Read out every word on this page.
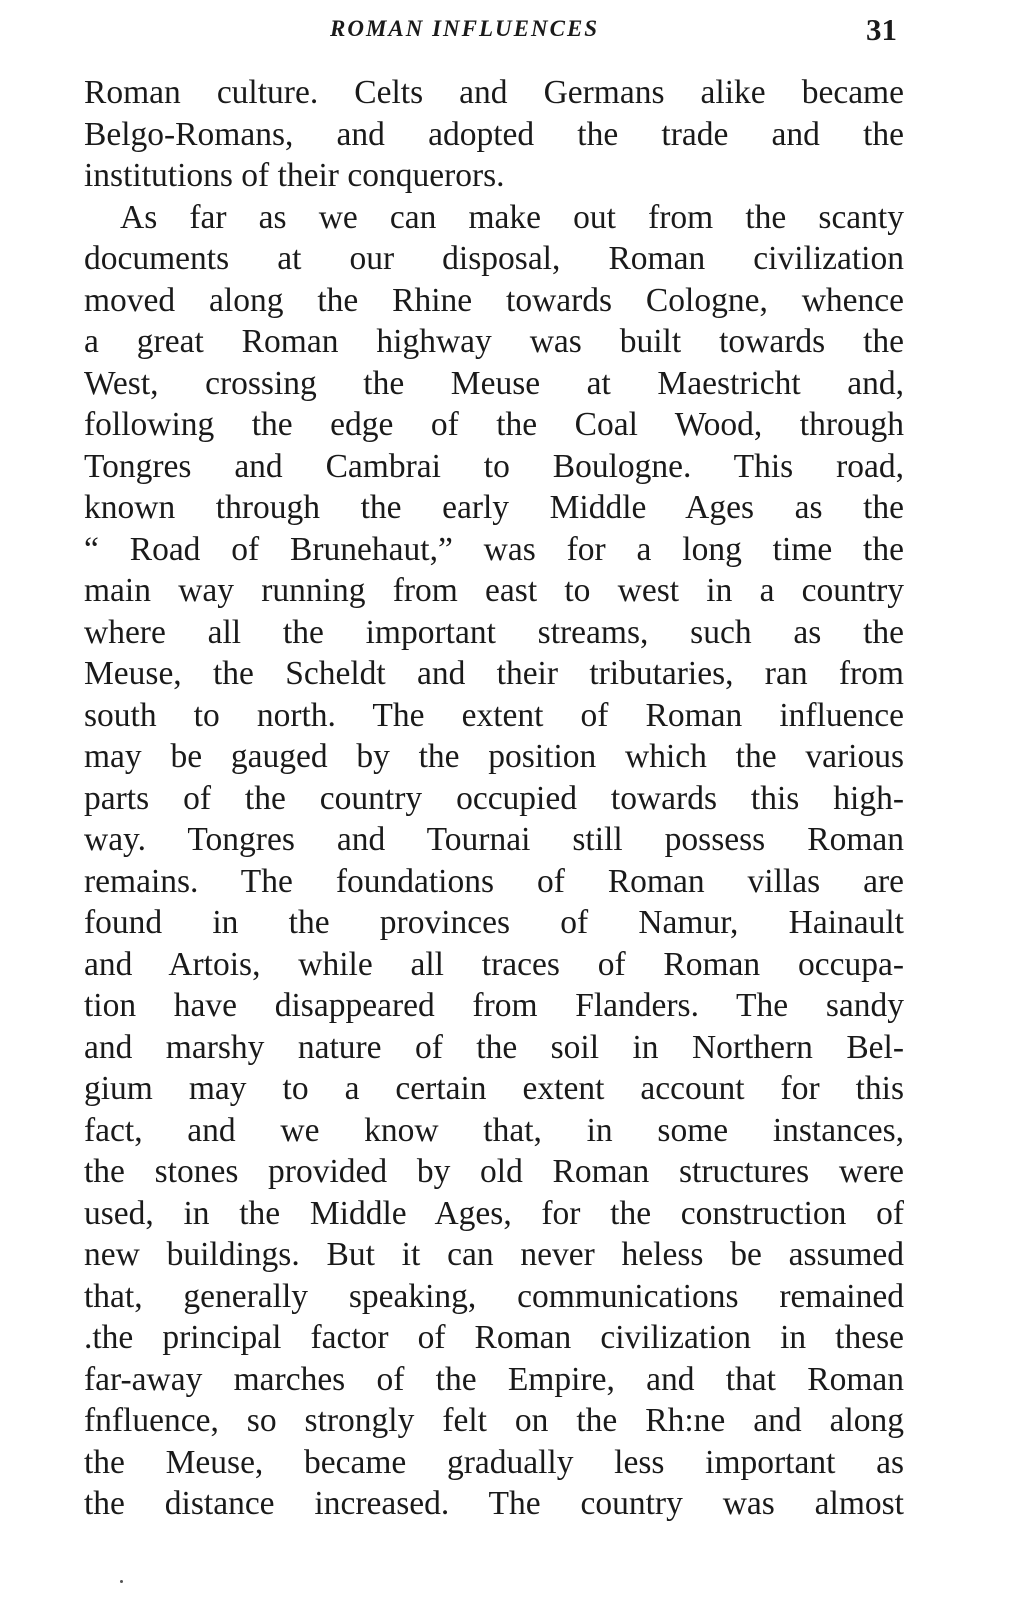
ROMAN INFLUENCES	31
Roman culture. Celts and Germans alike became
Belgo-Romans, and adopted the trade and the
institutions of their conquerors.
As far as we can make out from the scanty
documents at our disposal, Roman civilization
moved along the Rhine towards Cologne, whence
a great Roman highway was built towards the
West, crossing the Meuse at Maestricht and,
following the edge of the Coal Wood, through
Tongres and Cambrai to Boulogne. This road,
known through the early Middle Ages as the
“ Road of Brunehaut,” was for a long time the
main way running from east to west in a country
where all the important streams, such as the
Meuse, the Scheldt and their tributaries, ran from
south to north. The extent of Roman influence
may be gauged by the position which the various
parts of the country occupied towards this high-
way. Tongres and Tournai still possess Roman
remains. The foundations of Roman villas are
found in the provinces of Namur, Hainault
and Artois, while all traces of Roman occupa-
tion have disappeared from Flanders. The sandy
and marshy nature of the soil in Northern Bel-
gium may to a certain extent account for this
fact, and we know that, in some instances,
the stones provided by old Roman structures were
used, in the Middle Ages, for the construction of
new buildings. But it can never heless be assumed
that, generally speaking, communications remained
.the principal factor of Roman civilization in these
far-away marches of the Empire, and that Roman
fnfluence, so strongly felt on the Rh:ne and along
the Meuse, became gradually less important as
the distance increased. The country was almost
